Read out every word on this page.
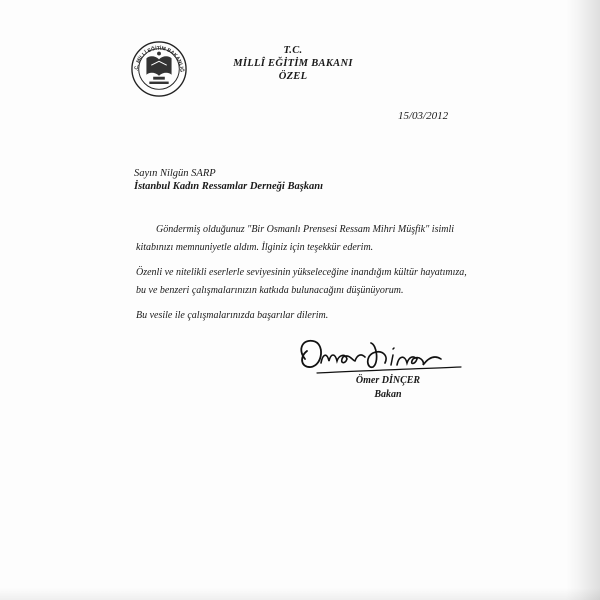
.C. MİLLÎ EĞİTİM BAKANLIĞ
T.C.
MİLLÎ EĞİTİM BAKANI
ÖZEL
15/03/2012
Sayın Nilgün SARP
İstanbul Kadın Ressamlar Derneği Başkanı

Göndermiş olduğunuz "Bir Osmanlı Prensesi Ressam Mihri Müşfik" isimli kitabınızı memnuniyetle aldım. İlginiz için teşekkür ederim.

Özenli ve nitelikli eserlerle seviyesinin yükseleceğine inandığım kültür hayatımıza, bu ve benzeri çalışmalarınızın katkıda bulunacağını düşünüyorum.

Bu vesile ile çalışmalarınızda başarılar dilerim.

Ömer DİNÇER
Bakan
